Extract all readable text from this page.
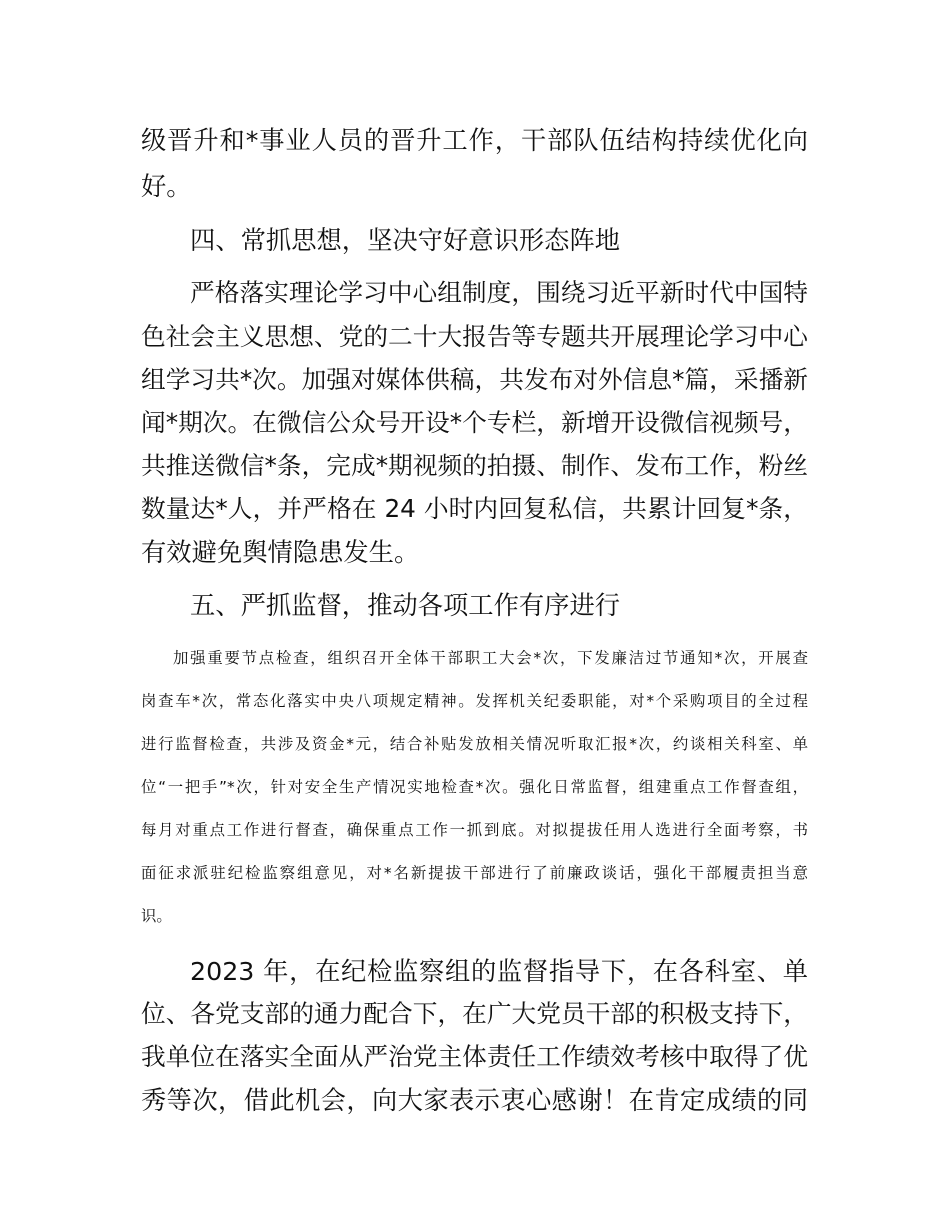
级晋升和*事业人员的晋升工作，干部队伍结构持续优化向
好。
四、常抓思想，坚决守好意识形态阵地
严格落实理论学习中心组制度，围绕习近平新时代中国特
色社会主义思想、党的二十大报告等专题共开展理论学习中心
组学习共*次。加强对媒体供稿，共发布对外信息*篇，采播新
闻*期次。在微信公众号开设*个专栏，新增开设微信视频号，
共推送微信*条，完成*期视频的拍摄、制作、发布工作，粉丝
数量达*人，并严格在 24 小时内回复私信，共累计回复*条，
有效避免舆情隐患发生。
五、严抓监督，推动各项工作有序进行
加强重要节点检查，组织召开全体干部职工大会*次，下发廉洁过节通知*次，开展查
岗查车*次，常态化落实中央八项规定精神。发挥机关纪委职能，对*个采购项目的全过程
进行监督检查，共涉及资金*元，结合补贴发放相关情况听取汇报*次，约谈相关科室、单
位“一把手”*次，针对安全生产情况实地检查*次。强化日常监督，组建重点工作督查组，
每月对重点工作进行督查，确保重点工作一抓到底。对拟提拔任用人选进行全面考察，书
面征求派驻纪检监察组意见，对*名新提拔干部进行了前廉政谈话，强化干部履责担当意
识。
2023 年，在纪检监察组的监督指导下，在各科室、单
位、各党支部的通力配合下，在广大党员干部的积极支持下，
我单位在落实全面从严治党主体责任工作绩效考核中取得了优
秀等次，借此机会，向大家表示衷心感谢！在肯定成绩的同
